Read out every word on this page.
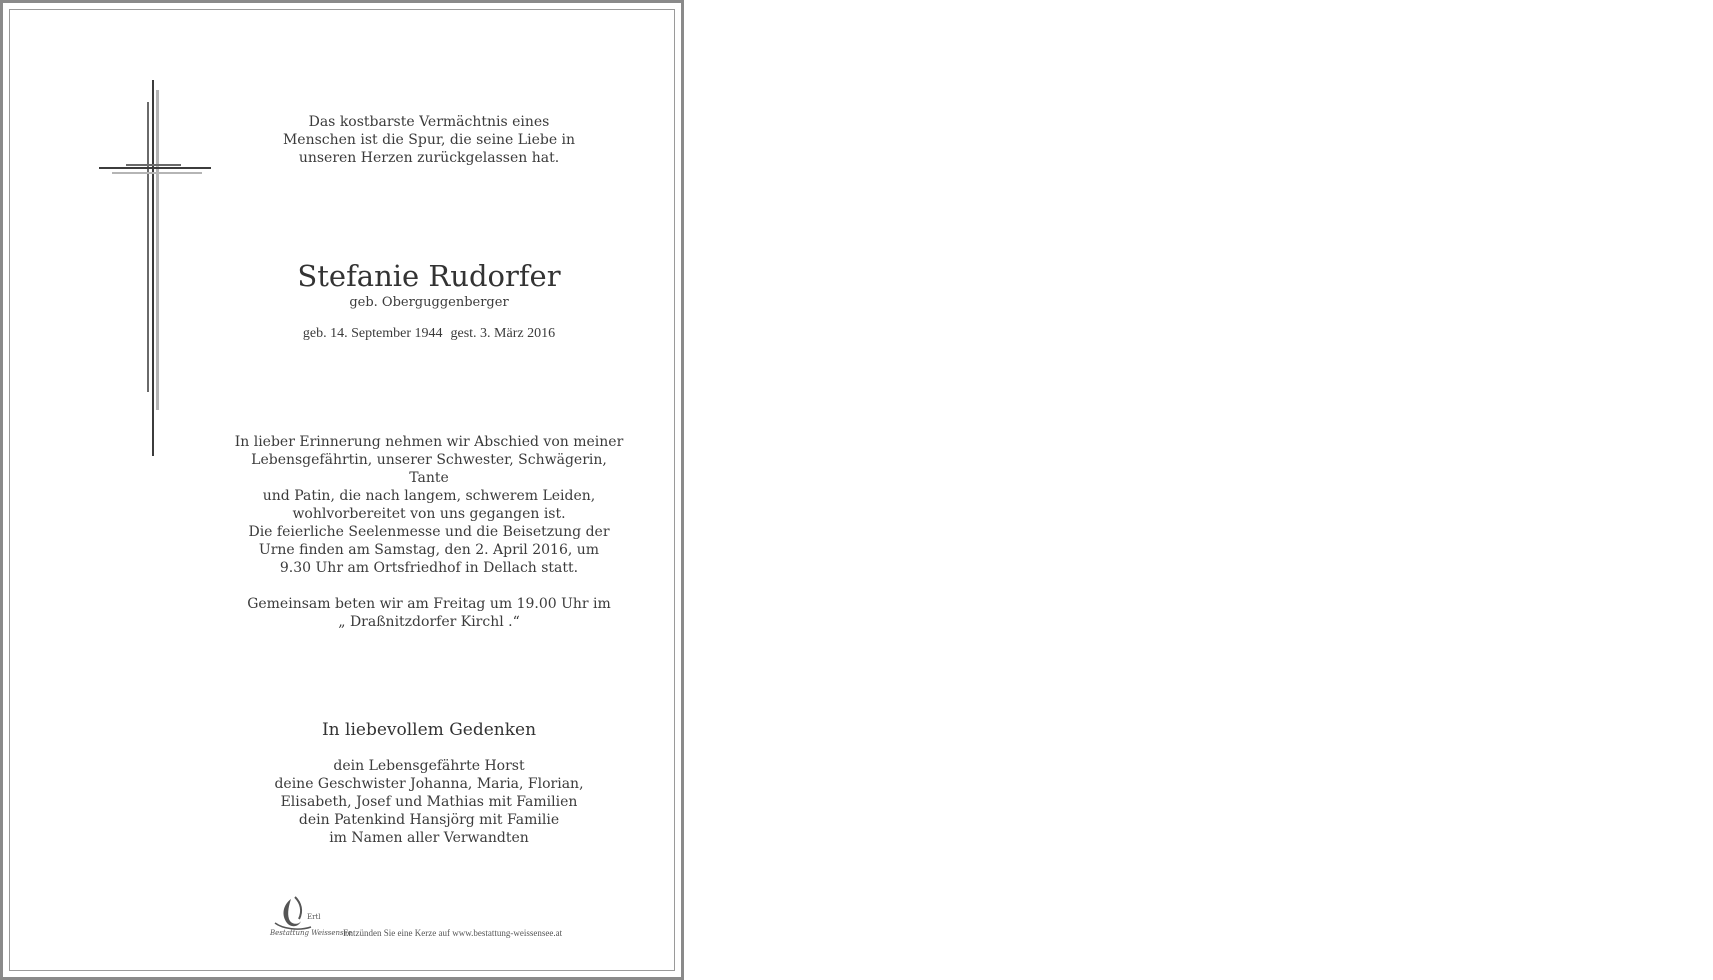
Das kostbarste Vermächtnis eines
Menschen ist die Spur, die seine Liebe in
unseren Herzen zurückgelassen hat.
Stefanie Rudorfer
geb. Oberguggenberger
geb. 14. September 1944 gest. 3. März 2016
In lieber Erinnerung nehmen wir Abschied von meiner
Lebensgefährtin, unserer Schwester, Schwägerin, Tante
und Patin, die nach langem, schwerem Leiden,
wohlvorbereitet von uns gegangen ist.
Die feierliche Seelenmesse und die Beisetzung der
Urne finden am Samstag, den 2. April 2016, um
9.30 Uhr am Ortsfriedhof in Dellach statt.
Gemeinsam beten wir am Freitag um 19.00 Uhr im
„ Draßnitzdorfer Kirchl .“
In liebevollem Gedenken
dein Lebensgefährte Horst
deine Geschwister Johanna, Maria, Florian,
Elisabeth, Josef und Mathias mit Familien
dein Patenkind Hansjörg mit Familie
im Namen aller Verwandten
Ertl
Bestattung Weissensee
Entzünden Sie eine Kerze auf www.bestattung-weissensee.at
